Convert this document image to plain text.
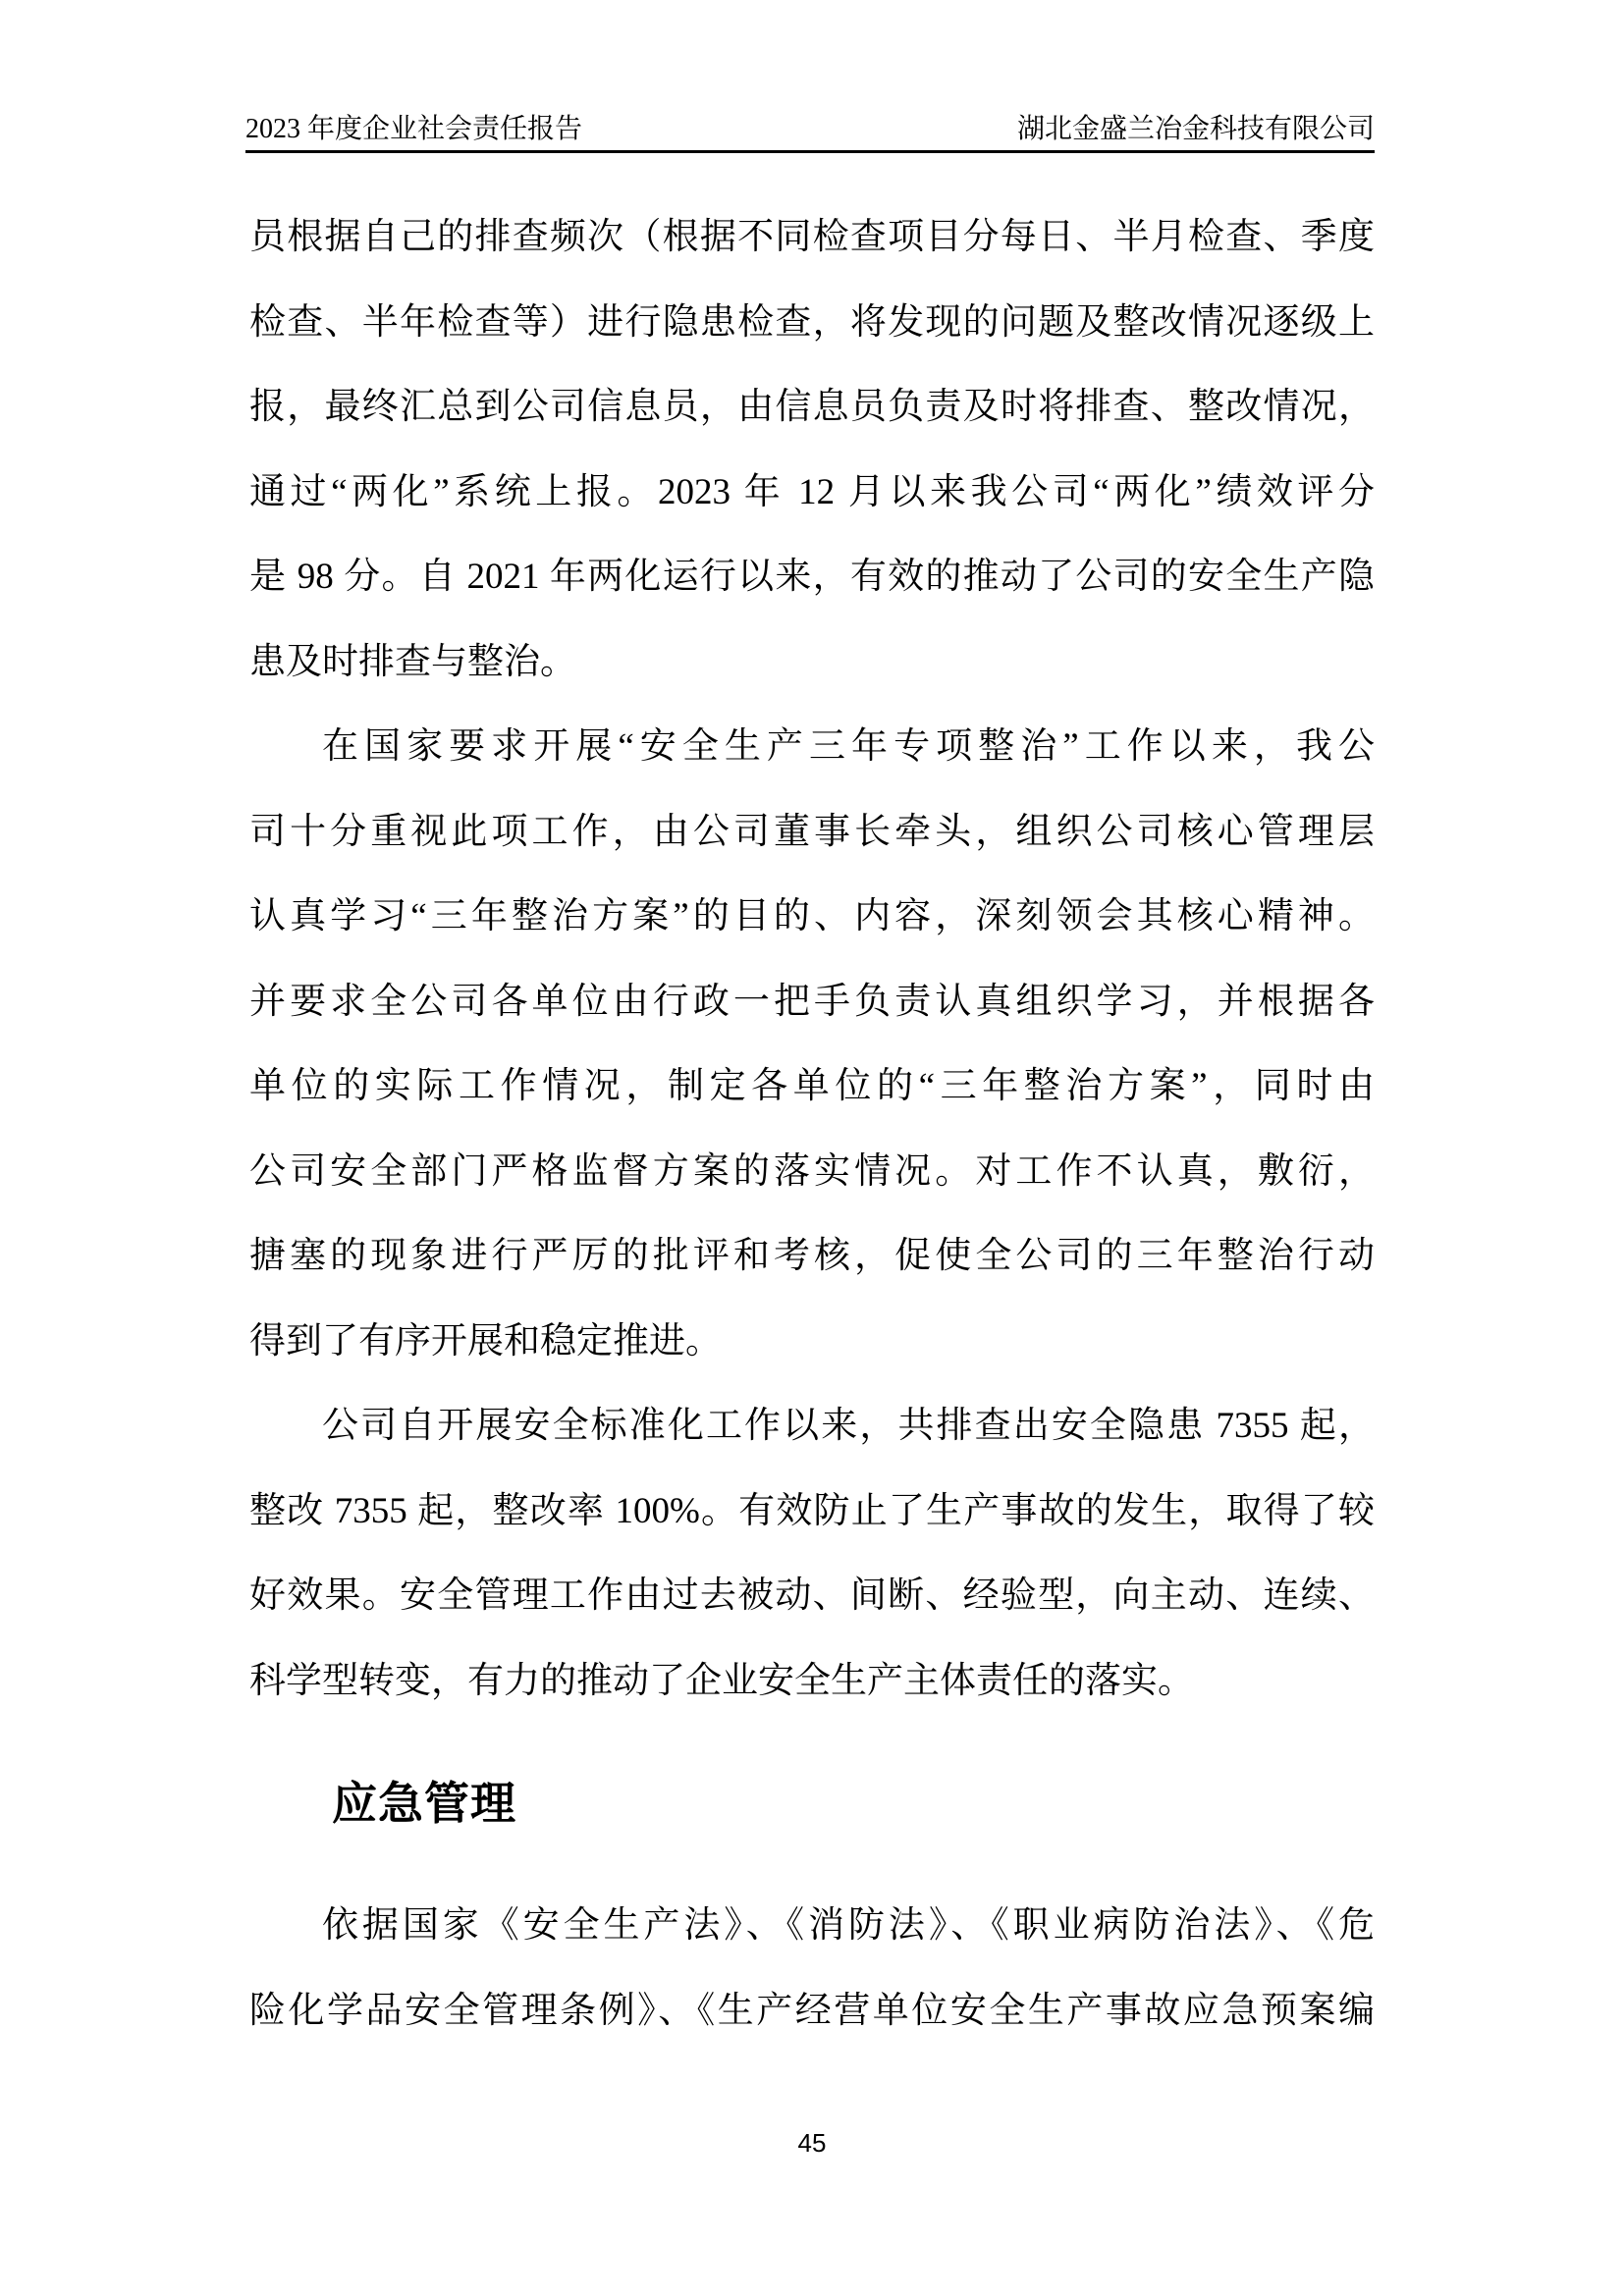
2023 年度企业社会责任报告	湖北金盛兰冶金科技有限公司

员根据自己的排查频次（根据不同检查项目分每日、半月检查、季度

检查、半年检查等）进行隐患检查，将发现的问题及整改情况逐级上

报，最终汇总到公司信息员，由信息员负责及时将排查、整改情况，

通过“两化”系统上报。2023 年 12 月以来我公司“两化”绩效评分

是 98 分。自 2021 年两化运行以来，有效的推动了公司的安全生产隐

患及时排查与整治。

在国家要求开展“安全生产三年专项整治”工作以来，我公

司十分重视此项工作，由公司董事长牵头，组织公司核心管理层

认真学习“三年整治方案”的目的、内容，深刻领会其核心精神。

并要求全公司各单位由行政一把手负责认真组织学习，并根据各

单位的实际工作情况，制定各单位的“三年整治方案”，同时由

公司安全部门严格监督方案的落实情况。对工作不认真，敷衍，

搪塞的现象进行严厉的批评和考核，促使全公司的三年整治行动

得到了有序开展和稳定推进。

公司自开展安全标准化工作以来，共排查出安全隐患 7355 起，

整改 7355 起，整改率 100%。有效防止了生产事故的发生，取得了较

好效果。安全管理工作由过去被动、间断、经验型，向主动、连续、

科学型转变，有力的推动了企业安全生产主体责任的落实。

应急管理

依据国家《安全生产法》、《消防法》、《职业病防治法》、《危

险化学品安全管理条例》、《生产经营单位安全生产事故应急预案编

45
